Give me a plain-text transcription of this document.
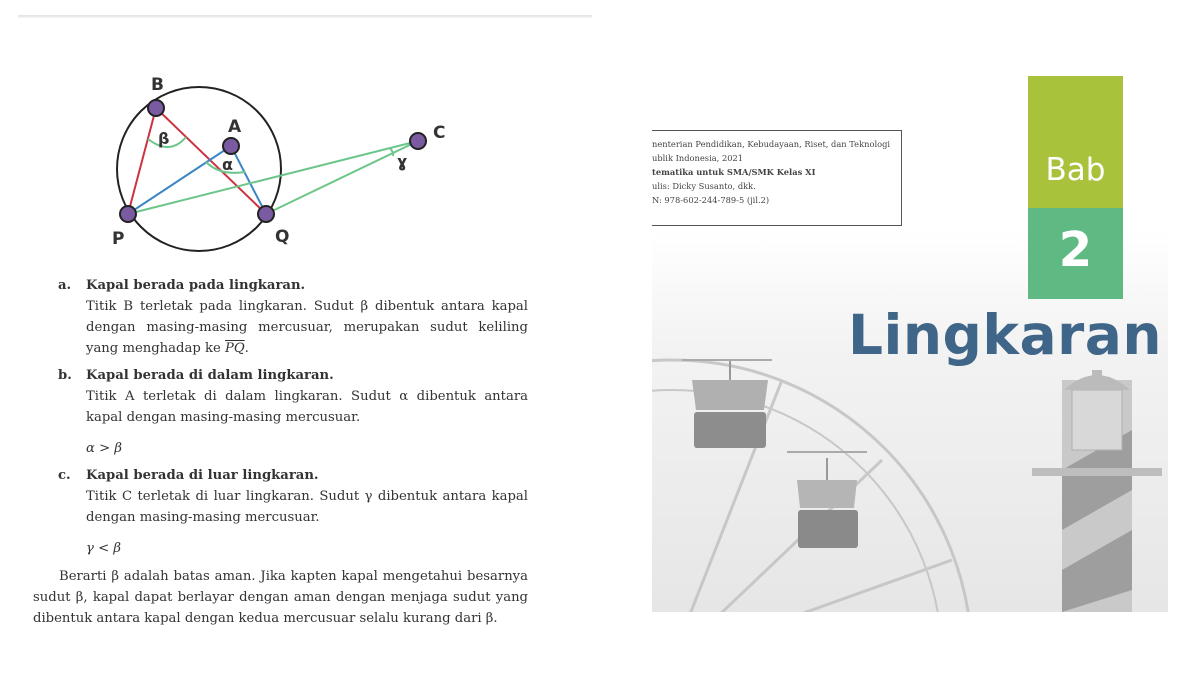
B
A	C
P	Q
β
α	ɣ
a. Kapal berada pada lingkaran.

Titik B terletak pada lingkaran. Sudut β dibentuk antara kapal dengan masing-masing mercusuar, merupakan sudut keliling yang menghadap ke $\overline{PQ}$.

b. Kapal berada di dalam lingkaran.

Titik A terletak di dalam lingkaran. Sudut α dibentuk antara kapal dengan masing-masing mercusuar.

α > β
c. Kapal berada di luar lingkaran.

Titik C terletak di luar lingkaran. Sudut γ dibentuk antara kapal dengan masing-masing mercusuar.

γ < β

Berarti β adalah batas aman. Jika kapten kapal mengetahui besarnya sudut β, kapal dapat berlayar dengan aman dengan menjaga sudut yang dibentuk antara kapal dengan kedua mercusuar selalu kurang dari β.

nenterian Pendidikan, Kebudayaan, Riset, dan Teknologi
ublik Indonesia, 2021
tematika untuk SMA/SMK Kelas XI
ulis: Dicky Susanto, dkk.
N: 978-602-244-789-5 (jil.2)
Bab
2
Lingkaran
